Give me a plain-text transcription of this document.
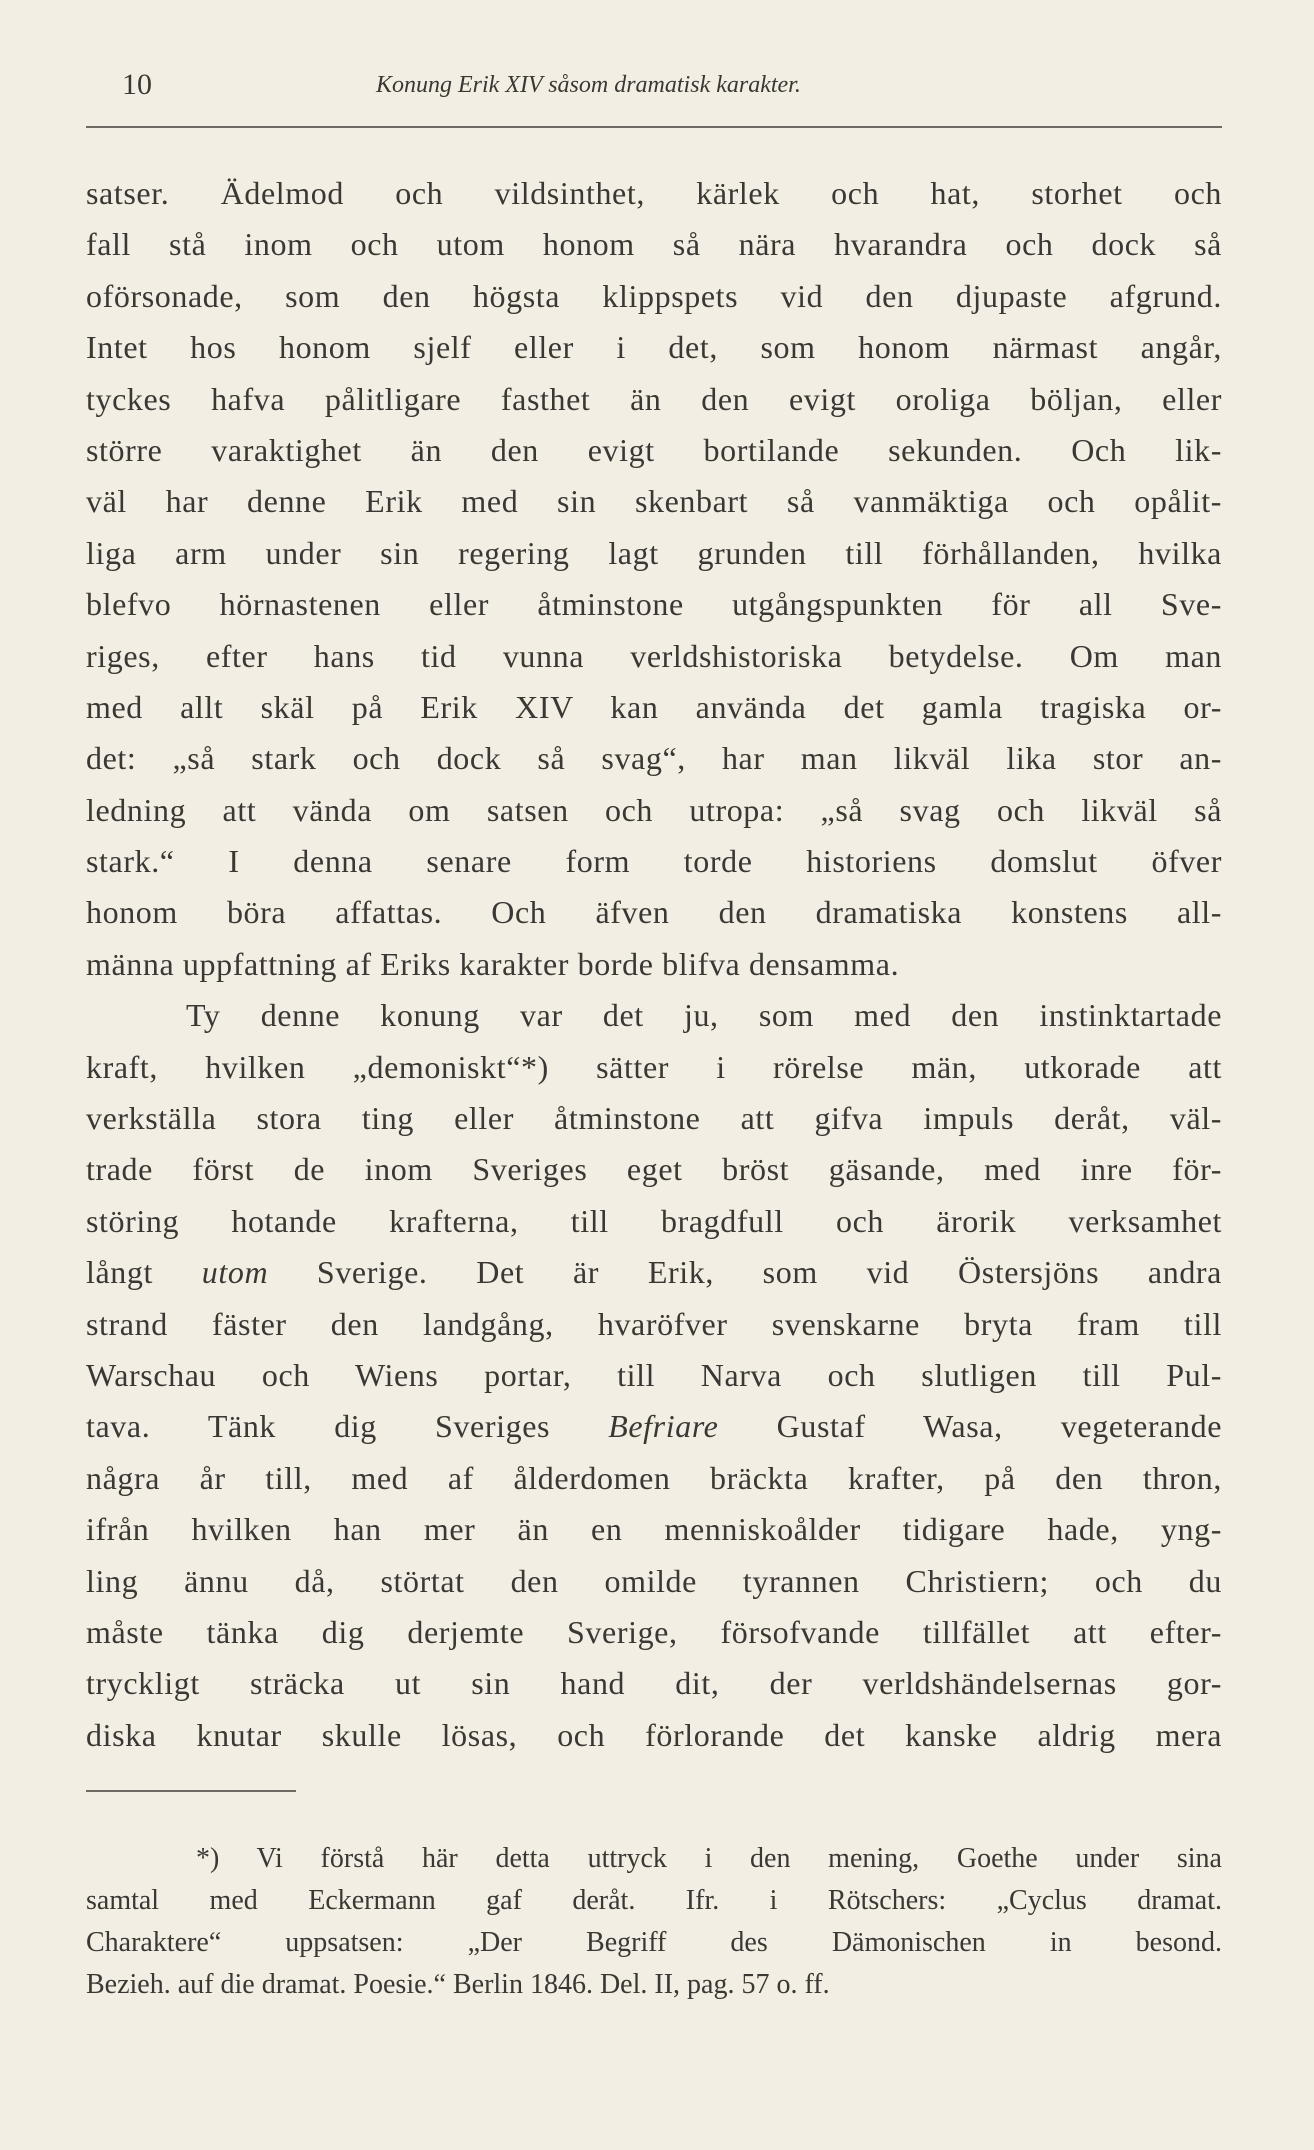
10	Konung Erik XIV såsom dramatisk karakter.
satser. Ädelmod och vildsinthet, kärlek och hat, storhet och
fall stå inom och utom honom så nära hvarandra och dock så
oförsonade, som den högsta klippspets vid den djupaste afgrund.
Intet hos honom sjelf eller i det, som honom närmast angår,
tyckes hafva pålitligare fasthet än den evigt oroliga böljan, eller
större varaktighet än den evigt bortilande sekunden. Och lik-
väl har denne Erik med sin skenbart så vanmäktiga och opålit-
liga arm under sin regering lagt grunden till förhållanden, hvilka
blefvo hörnastenen eller åtminstone utgångspunkten för all Sve-
riges, efter hans tid vunna verldshistoriska betydelse. Om man
med allt skäl på Erik XIV kan använda det gamla tragiska or-
det: „så stark och dock så svag“, har man likväl lika stor an-
ledning att vända om satsen och utropa: „så svag och likväl så
stark.“ I denna senare form torde historiens domslut öfver
honom böra affattas. Och äfven den dramatiska konstens all-
männa uppfattning af Eriks karakter borde blifva densamma.
Ty denne konung var det ju, som med den instinktartade
kraft, hvilken „demoniskt“*) sätter i rörelse män, utkorade att
verkställa stora ting eller åtminstone att gifva impuls deråt, väl-
trade först de inom Sveriges eget bröst gäsande, med inre för-
störing hotande krafterna, till bragdfull och ärorik verksamhet
långt utom Sverige. Det är Erik, som vid Östersjöns andra
strand fäster den landgång, hvaröfver svenskarne bryta fram till
Warschau och Wiens portar, till Narva och slutligen till Pul-
tava. Tänk dig Sveriges Befriare Gustaf Wasa, vegeterande
några år till, med af ålderdomen bräckta krafter, på den thron,
ifrån hvilken han mer än en menniskoålder tidigare hade, yng-
ling ännu då, störtat den omilde tyrannen Christiern; och du
måste tänka dig derjemte Sverige, försofvande tillfället att efter-
tryckligt sträcka ut sin hand dit, der verldshändelsernas gor-
diska knutar skulle lösas, och förlorande det kanske aldrig mera
*) Vi förstå här detta uttryck i den mening, Goethe under sina
samtal med Eckermann gaf deråt. Ifr. i Rötschers: „Cyclus dramat.
Charaktere“ uppsatsen: „Der Begriff des Dämonischen in besond.
Bezieh. auf die dramat. Poesie.“ Berlin 1846. Del. II, pag. 57 o. ff.
